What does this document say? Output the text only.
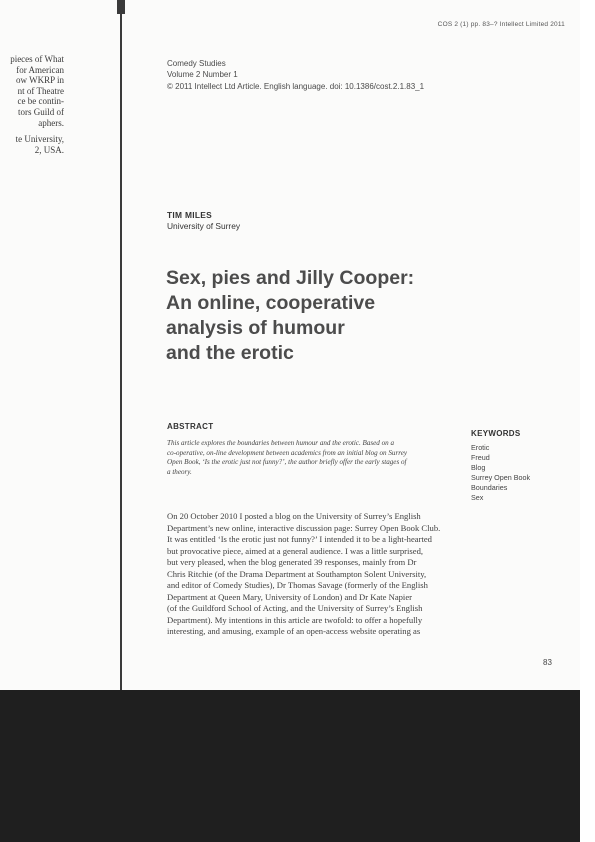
pieces of What
for American
ow WKRP in
nt of Theatre
ce be contin-
tors Guild of
aphers.
te University,
2, USA.
COS 2 (1) pp. 83–? Intellect Limited 2011
Comedy Studies
Volume 2 Number 1
© 2011 Intellect Ltd Article. English language. doi: 10.1386/cost.2.1.83_1
TIM MILES
University of Surrey
Sex, pies and Jilly Cooper:
An online, cooperative
analysis of humour
and the erotic
ABSTRACT
This article explores the boundaries between humour and the erotic. Based on a
co-operative, on-line development between academics from an initial blog on Surrey
Open Book, ‘Is the erotic just not funny?’, the author briefly offer the early stages of
a theory.
KEYWORDS
Erotic
Freud
Blog
Surrey Open Book
Boundaries
Sex
On 20 October 2010 I posted a blog on the University of Surrey’s English
Department’s new online, interactive discussion page: Surrey Open Book Club.
It was entitled ‘Is the erotic just not funny?’ I intended it to be a light-hearted
but provocative piece, aimed at a general audience. I was a little surprised,
but very pleased, when the blog generated 39 responses, mainly from Dr
Chris Ritchie (of the Drama Department at Southampton Solent University,
and editor of Comedy Studies), Dr Thomas Savage (formerly of the English
Department at Queen Mary, University of London) and Dr Kate Napier
(of the Guildford School of Acting, and the University of Surrey’s English
Department). My intentions in this article are twofold: to offer a hopefully
interesting, and amusing, example of an open-access website operating as
83
